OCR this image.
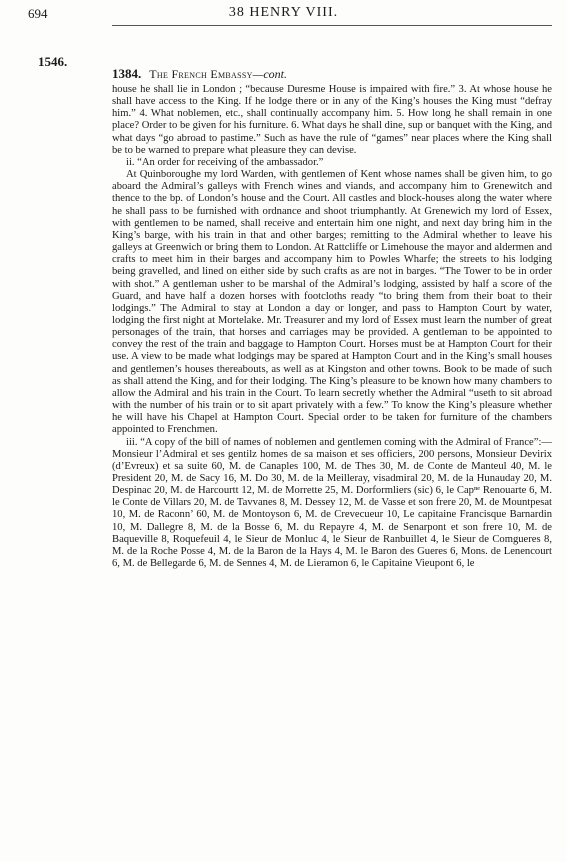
694	38 HENRY VIII.
1546.
1384. The French Embassy—cont.

house he shall lie in London ; “because Duresme House is impaired with fire.” 3. At whose house he shall have access to the King. If he lodge there or in any of the King’s houses the King must “defray him.” 4. What noblemen, etc., shall continually accompany him. 5. How long he shall remain in one place? Order to be given for his furniture. 6. What days he shall dine, sup or banquet with the King, and what days “go abroad to pastime.” Such as have the rule of “games” near places where the King shall be to be warned to prepare what pleasure they can devise.

ii. “An order for receiving of the ambassador.”

At Quinboroughe my lord Warden, with gentlemen of Kent whose names shall be given him, to go aboard the Admiral’s galleys with French wines and viands, and accompany him to Grenewitch and thence to the bp. of London’s house and the Court. All castles and block-houses along the water where he shall pass to be furnished with ordnance and shoot triumphantly. At Grenewich my lord of Essex, with gentlemen to be named, shall receive and entertain him one night, and next day bring him in the King’s barge, with his train in that and other barges; remitting to the Admiral whether to leave his galleys at Greenwich or bring them to London. At Rattcliffe or Limehouse the mayor and aldermen and crafts to meet him in their barges and accompany him to Powles Wharfe; the streets to his lodging being gravelled, and lined on either side by such crafts as are not in barges. “The Tower to be in order with shot.” A gentleman usher to be marshal of the Admiral’s lodging, assisted by half a score of the Guard, and have half a dozen horses with footcloths ready “to bring them from their boat to their lodgings.” The Admiral to stay at London a day or longer, and pass to Hampton Court by water, lodging the first night at Mortelake. Mr. Treasurer and my lord of Essex must learn the number of great personages of the train, that horses and carriages may be provided. A gentleman to be appointed to convey the rest of the train and baggage to Hampton Court. Horses must be at Hampton Court for their use. A view to be made what lodgings may be spared at Hampton Court and in the King’s small houses and gentlemen’s houses thereabouts, as well as at Kingston and other towns. Book to be made of such as shall attend the King, and for their lodging. The King’s pleasure to be known how many chambers to allow the Admiral and his train in the Court. To learn secretly whether the Admiral “useth to sit abroad with the number of his train or to sit apart privately with a few.” To know the King’s pleasure whether he will have his Chapel at Hampton Court. Special order to be taken for furniture of the chambers appointed to Frenchmen.

iii. “A copy of the bill of names of noblemen and gentlemen coming with the Admiral of France”:—Monsieur l’Admiral et ses gentilz homes de sa maison et ses officiers, 200 persons, Monsieur Devirix (d’Evreux) et sa suite 60, M. de Canaples 100, M. de Thes 30, M. de Conte de Manteul 40, M. le President 20, M. de Sacy 16, M. Do 30, M. de la Meilleray, visadmiral 20, M. de la Hunauday 20, M. Despinac 20, M. de Harcourtt 12, M. de Morrette 25, M. Dorformliers (sic) 6, le Capⁿᵉ Renouarte 6, M. le Conte de Villars 20, M. de Tavvanes 8, M. Dessey 12, M. de Vasse et son frere 20, M. de Mountpesat 10, M. de Raconn’ 60, M. de Montoyson 6, M. de Crevecueur 10, Le capitaine Francisque Barnardin 10, M. Dallegre 8, M. de la Bosse 6, M. du Repayre 4, M. de Senarpont et son frere 10, M. de Baqueville 8, Roquefeuil 4, le Sieur de Monluc 4, le Sieur de Ranbuillet 4, le Sieur de Comgueres 8, M. de la Roche Posse 4, M. de la Baron de la Hays 4, M. le Baron des Gueres 6, Mons. de Lenencourt 6, M. de Bellegarde 6, M. de Sennes 4, M. de Lieramon 6, le Capitaine Vieupont 6, le
